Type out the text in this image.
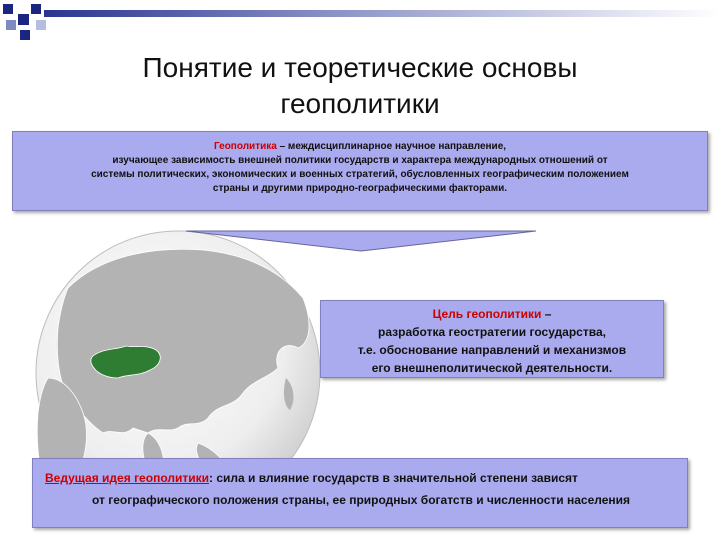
Понятие и теоретические основы
геополитики
Геополитика – междисциплинарное научное направление,
изучающее зависимость внешней политики государств и характера международных отношений от
системы политических, экономических и военных стратегий, обусловленных географическим положением
страны и другими природно-географическими факторами.
Цель геополитики –
разработка геостратегии государства,
т.е. обоснование направлений и механизмов
его внешнеполитической деятельности.
Ведущая идея геополитики: сила и влияние государств в значительной степени зависят
от географического положения страны, ее природных богатств и численности населения
